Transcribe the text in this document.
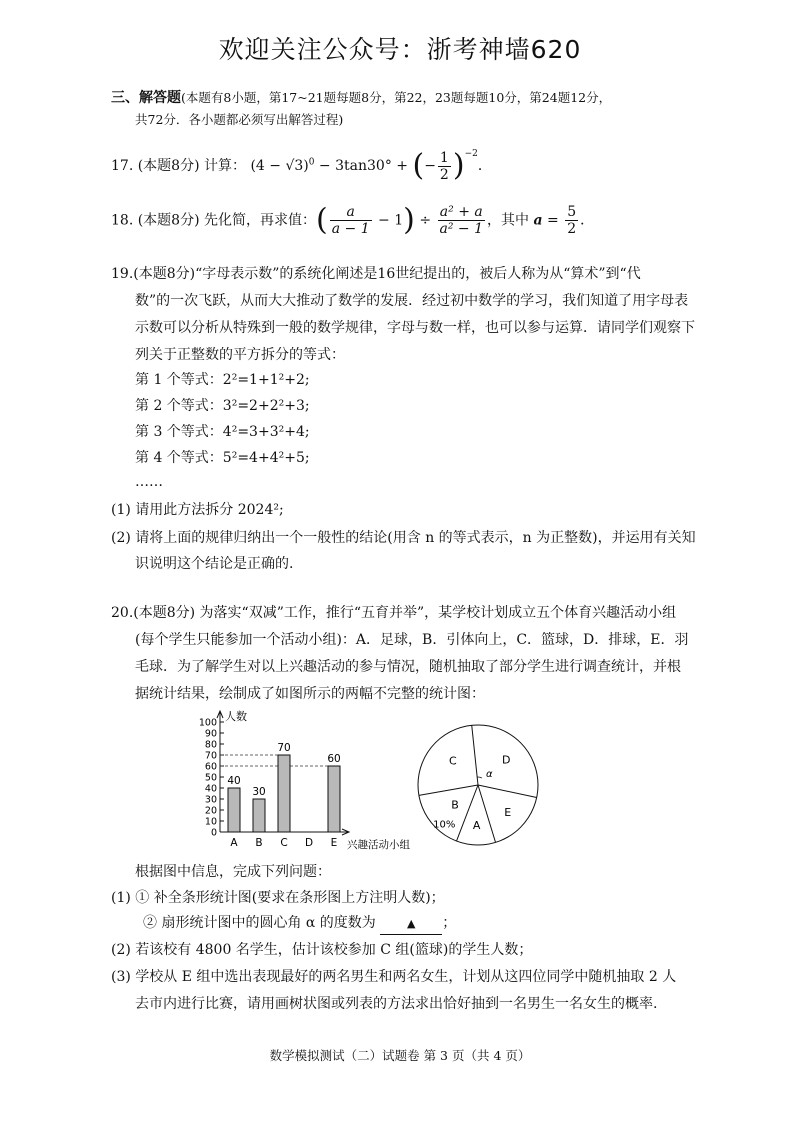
欢迎关注公众号：浙考神墙620
三、解答题(本题有8小题，第17~21题每题8分，第22，23题每题10分，第24题12分，
共72分．各小题都必须写出解答过程)
17. (本题8分) 计算： $(4 - √3)^0 - 3\tan 30^\circ$ + (− $\frac{1}{2} )^{-2}$．
18. (本题8分) 先化简，再求值：( $\frac{a}{a - 1} - 1) \div \frac{\text{a² + a}}{\text{a² − 1}}$ ，其中 $a = \frac{5}{2}$ ．
19.(本题8分)“字母表示数”的系统化阐述是16世纪提出的，被后人称为从“算术”到“代
数”的一次飞跃，从而大大推动了数学的发展．经过初中数学的学习，我们知道了用字母表
示数可以分析从特殊到一般的数学规律，字母与数一样，也可以参与运算．请同学们观察下
列关于正整数的平方拆分的等式：
第 1 个等式：2²=1+1²+2;
第 2 个等式：3²=2+2²+3;
第 3 个等式：4²=3+3²+4;
第 4 个等式：5²=4+4²+5;
……
(1) 请用此方法拆分 2024²;
(2) 请将上面的规律归纳出一个一般性的结论(用含 n 的等式表示，n 为正整数)，并运用有关知
识说明这个结论是正确的.
20.(本题8分) 为落实“双减”工作，推行“五育并举”，某学校计划成立五个体育兴趣活动小组
(每个学生只能参加一个活动小组)：A．足球，B．引体向上，C．篮球，D．排球，E．羽
毛球．为了解学生对以上兴趣活动的参与情况，随机抽取了部分学生进行调查统计，并根
据统计结果，绘制成了如图所示的两幅不完整的统计图：
0
10
20
30
40
50
60
70
80
90
100 人数
兴趣活动小组
A B C D E
40
30
70
60
A
B
C	D
E
10%
α
根据图中信息，完成下列问题：
(1) ① 补全条形统计图(要求在条形图上方注明人数)；
② 扇形统计图中的圆心角 α 的度数为	▲ ；
(2) 若该校有 4800 名学生，估计该校参加 C 组(篮球)的学生人数；
(3) 学校从 E 组中选出表现最好的两名男生和两名女生，计划从这四位同学中随机抽取 2 人
去市内进行比赛，请用画树状图或列表的方法求出恰好抽到一名男生一名女生的概率.
数学模拟测试（二）试题卷 第 3 页（共 4 页）
